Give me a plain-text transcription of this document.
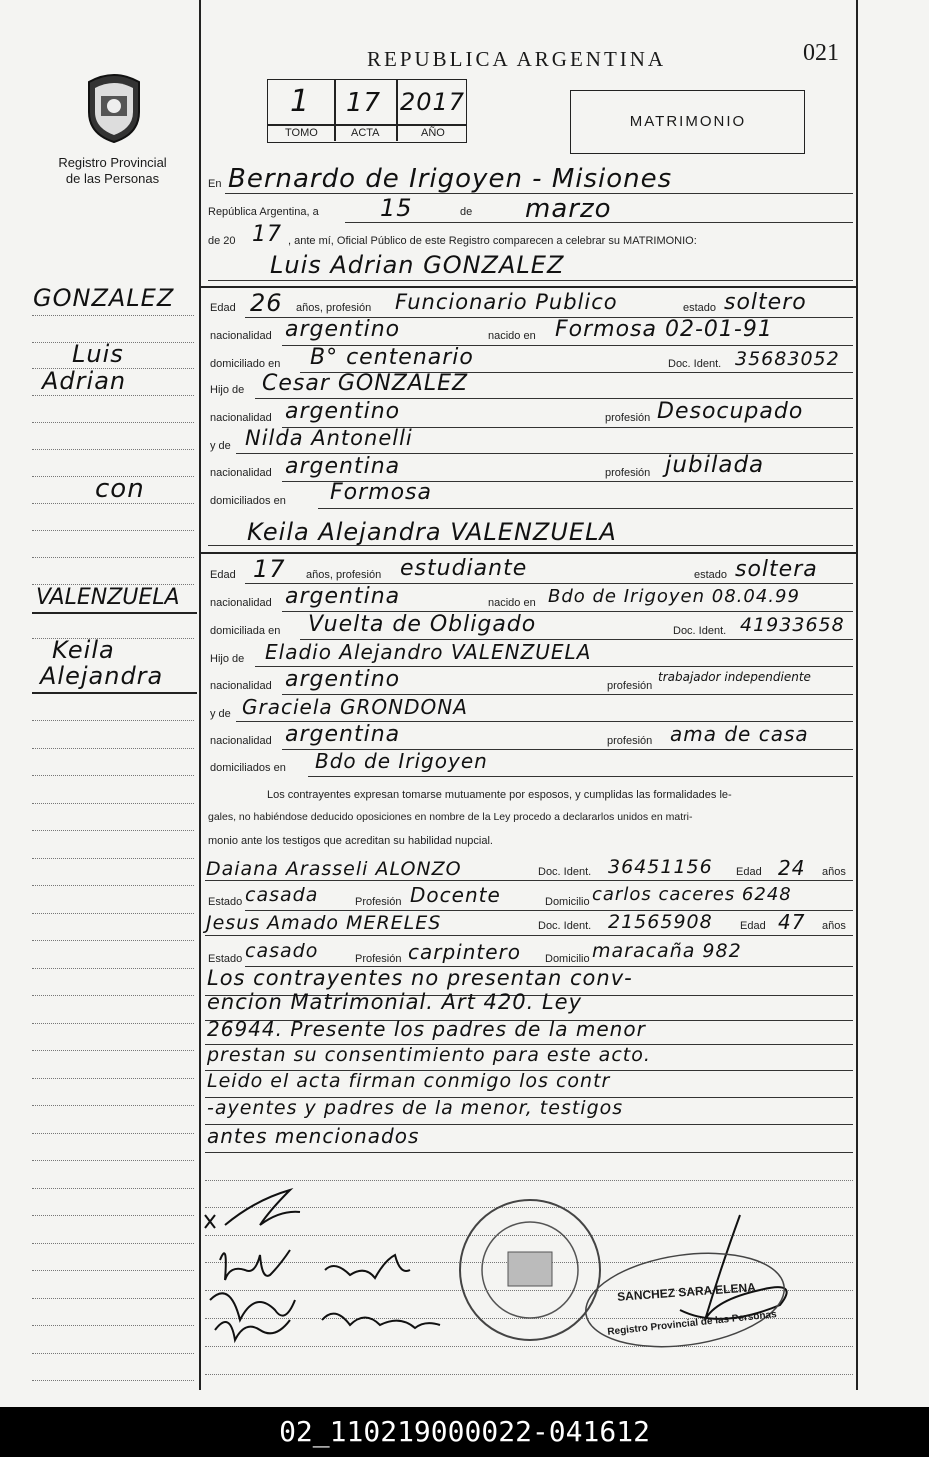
Registro Provincial
de las Personas
REPUBLICA ARGENTINA	021
1 17 2017
TOMO	ACTA	AÑO
MATRIMONIO
En Bernardo de Irigoyen - Misiones
República Argentina, a	15	de marzo
de 20 17 , ante mí, Oficial Público de este Registro comparecen a celebrar su MATRIMONIO:
Luis Adrian GONZALEZ
Edad 26 años, profesión Funcionario Publico	estado soltero
nacionalidad argentino	nacido en Formosa 02-01-91
domiciliado en B° centenario	Doc. Ident. 35683052
Hijo de Cesar GONZALEZ
nacionalidad argentino	profesión Desocupado
y de Nilda Antonelli
nacionalidad argentina	profesión jubilada
domiciliados en Formosa
Keila Alejandra VALENZUELA
Edad 17 años, profesión estudiante	estado soltera
nacionalidad argentina	nacido en Bdo de Irigoyen 08.04.99
domiciliada en Vuelta de Obligado	Doc. Ident. 41933658
Hijo de Eladio Alejandro VALENZUELA
nacionalidad argentino	profesión
trabajador independiente
y de Graciela GRONDONA
nacionalidad argentina	profesión ama de casa
domiciliados en Bdo de Irigoyen
Los contrayentes expresan tomarse mutuamente por esposos, y cumplidas las formalidades le-
gales, no habiéndose deducido oposiciones en nombre de la Ley procedo a declararlos unidos en matri-
monio ante los testigos que acreditan su habilidad nupcial.
Daiana Arasseli ALONZO	Doc. Ident. 36451156 Edad 24 años
Estado casada	Profesión Docente	Domicilio carlos caceres 6248
Jesus Amado MERELES	Doc. Ident. 21565908 Edad 47 años
Estado casado	Profesión carpintero Domicilio maracaña 982
Los contrayentes no presentan conv-
encion Matrimonial. Art 420. Ley
26944. Presente los padres de la menor
prestan su consentimiento para este acto.
Leido el acta firman conmigo los contr
-ayentes y padres de la menor, testigos
antes mencionados
SANCHEZ SARA ELENA
Registro Provincial de las Personas
GONZALEZ
Luis
Adrian
con
VALENZUELA
Keila
Alejandra
02_110219000022-041612
